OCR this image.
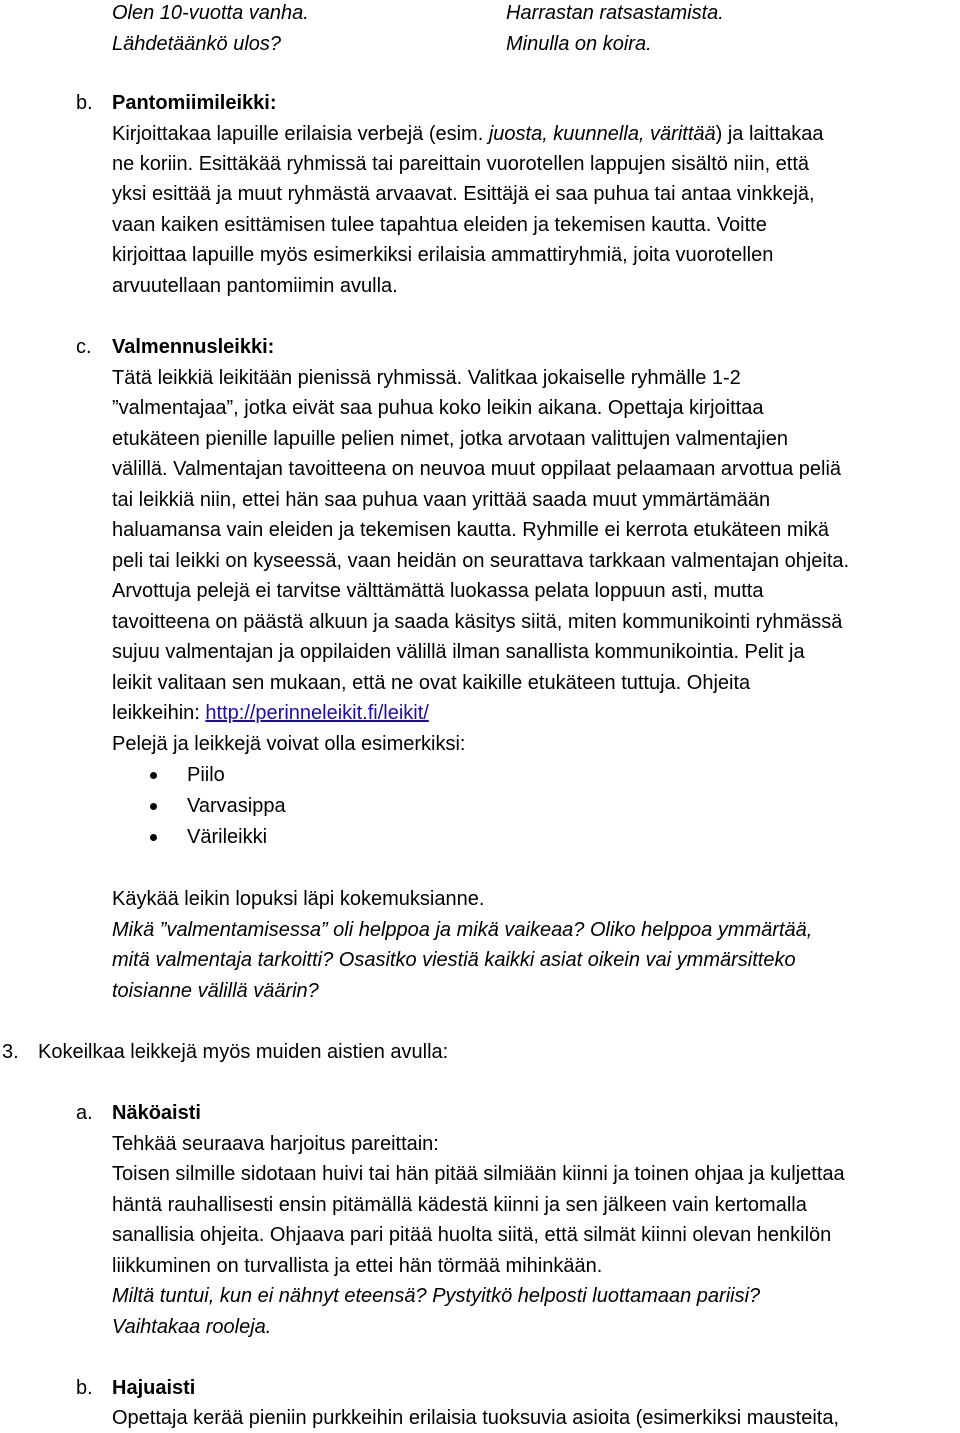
Olen 10-vuotta vanha.	Harrastan ratsastamista.
Lähdetäänkö ulos?	Minulla on koira.
b. Pantomiimileikki:
Kirjoittakaa lapuille erilaisia verbejä (esim. juosta, kuunnella, värittää) ja laittakaa
ne koriin. Esittäkää ryhmissä tai pareittain vuorotellen lappujen sisältö niin, että
yksi esittää ja muut ryhmästä arvaavat. Esittäjä ei saa puhua tai antaa vinkkejä,
vaan kaiken esittämisen tulee tapahtua eleiden ja tekemisen kautta. Voitte
kirjoittaa lapuille myös esimerkiksi erilaisia ammattiryhmiä, joita vuorotellen
arvuutellaan pantomiimin avulla.
c. Valmennusleikki:
Tätä leikkiä leikitään pienissä ryhmissä. Valitkaa jokaiselle ryhmälle 1-2
”valmentajaa”, jotka eivät saa puhua koko leikin aikana. Opettaja kirjoittaa
etukäteen pienille lapuille pelien nimet, jotka arvotaan valittujen valmentajien
välillä. Valmentajan tavoitteena on neuvoa muut oppilaat pelaamaan arvottua peliä
tai leikkiä niin, ettei hän saa puhua vaan yrittää saada muut ymmärtämään
haluamansa vain eleiden ja tekemisen kautta. Ryhmille ei kerrota etukäteen mikä
peli tai leikki on kyseessä, vaan heidän on seurattava tarkkaan valmentajan ohjeita.
Arvottuja pelejä ei tarvitse välttämättä luokassa pelata loppuun asti, mutta
tavoitteena on päästä alkuun ja saada käsitys siitä, miten kommunikointi ryhmässä
sujuu valmentajan ja oppilaiden välillä ilman sanallista kommunikointia. Pelit ja
leikit valitaan sen mukaan, että ne ovat kaikille etukäteen tuttuja. Ohjeita
leikkeihin: http://perinneleikit.fi/leikit/
Pelejä ja leikkejä voivat olla esimerkiksi:
Piilo
Varvasippa
Värileikki
Käykää leikin lopuksi läpi kokemuksianne.
Mikä ”valmentamisessa” oli helppoa ja mikä vaikeaa? Oliko helppoa ymmärtää,
mitä valmentaja tarkoitti? Osasitko viestiä kaikki asiat oikein vai ymmärsitteko
toisianne välillä väärin?
3. Kokeilkaa leikkejä myös muiden aistien avulla:
a. Näköaisti
Tehkää seuraava harjoitus pareittain:
Toisen silmille sidotaan huivi tai hän pitää silmiään kiinni ja toinen ohjaa ja kuljettaa
häntä rauhallisesti ensin pitämällä kädestä kiinni ja sen jälkeen vain kertomalla
sanallisia ohjeita. Ohjaava pari pitää huolta siitä, että silmät kiinni olevan henkilön
liikkuminen on turvallista ja ettei hän törmää mihinkään.
Miltä tuntui, kun ei nähnyt eteensä? Pystyitkö helposti luottamaan pariisi?
Vaihtakaa rooleja.
b. Hajuaisti
Opettaja kerää pieniin purkkeihin erilaisia tuoksuvia asioita (esimerkiksi mausteita,
